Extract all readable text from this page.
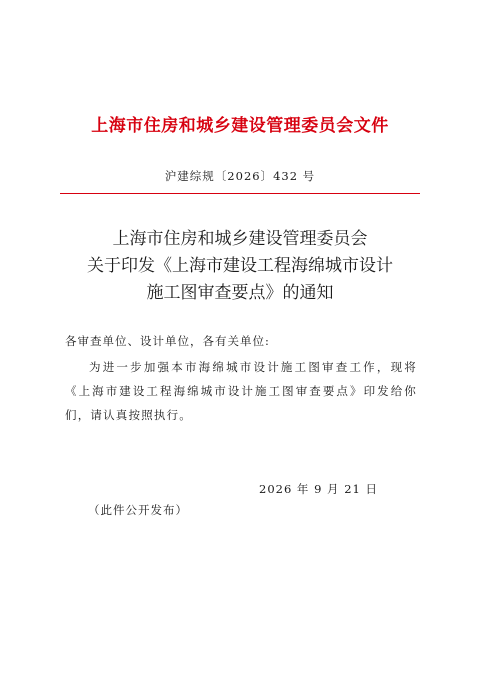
上海市住房和城乡建设管理委员会文件
沪建综规〔2026〕432 号
上海市住房和城乡建设管理委员会
关于印发《上海市建设工程海绵城市设计
施工图审查要点》的通知
各审查单位、设计单位，各有关单位:

为进一步加强本市海绵城市设计施工图审查工作，现将《上海市建设工程海绵城市设计施工图审查要点》印发给你们，请认真按照执行。

2026 年 9 月 21 日
（此件公开发布）
